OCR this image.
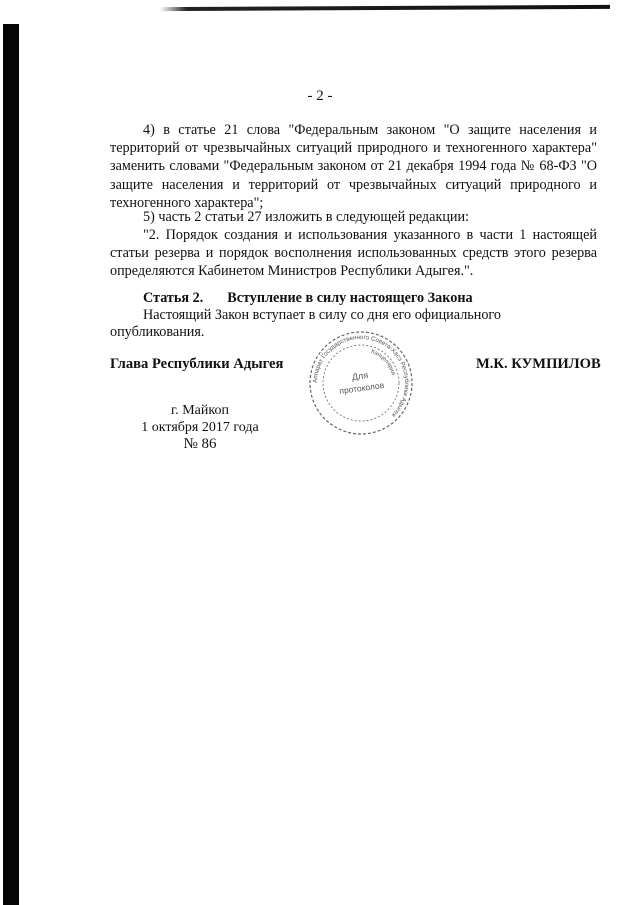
- 2 -
4) в статье 21 слова "Федеральным законом "О защите населения и территорий от чрезвычайных ситуаций природного и техногенного характера" заменить словами "Федеральным законом от 21 декабря 1994 года № 68-ФЗ "О защите населения и территорий от чрезвычайных ситуаций природного и техногенного характера";
5) часть 2 статьи 27 изложить в следующей редакции:
"2. Порядок создания и использования указанного в части 1 настоящей статьи резерва и порядок восполнения использованных средств этого резерва определяются Кабинетом Министров Республики Адыгея.".
Статья 2. Вступление в силу настоящего Закона
Настоящий Закон вступает в силу со дня его официального опубликования.
Глава Республики Адыгея	М.К. КУМПИЛОВ
г. Майкоп
1 октября 2017 года
№ 86
Аппарат Государственного Совета-Хасэ Республики Адыгея
Канцелярия
Для
протоколов
